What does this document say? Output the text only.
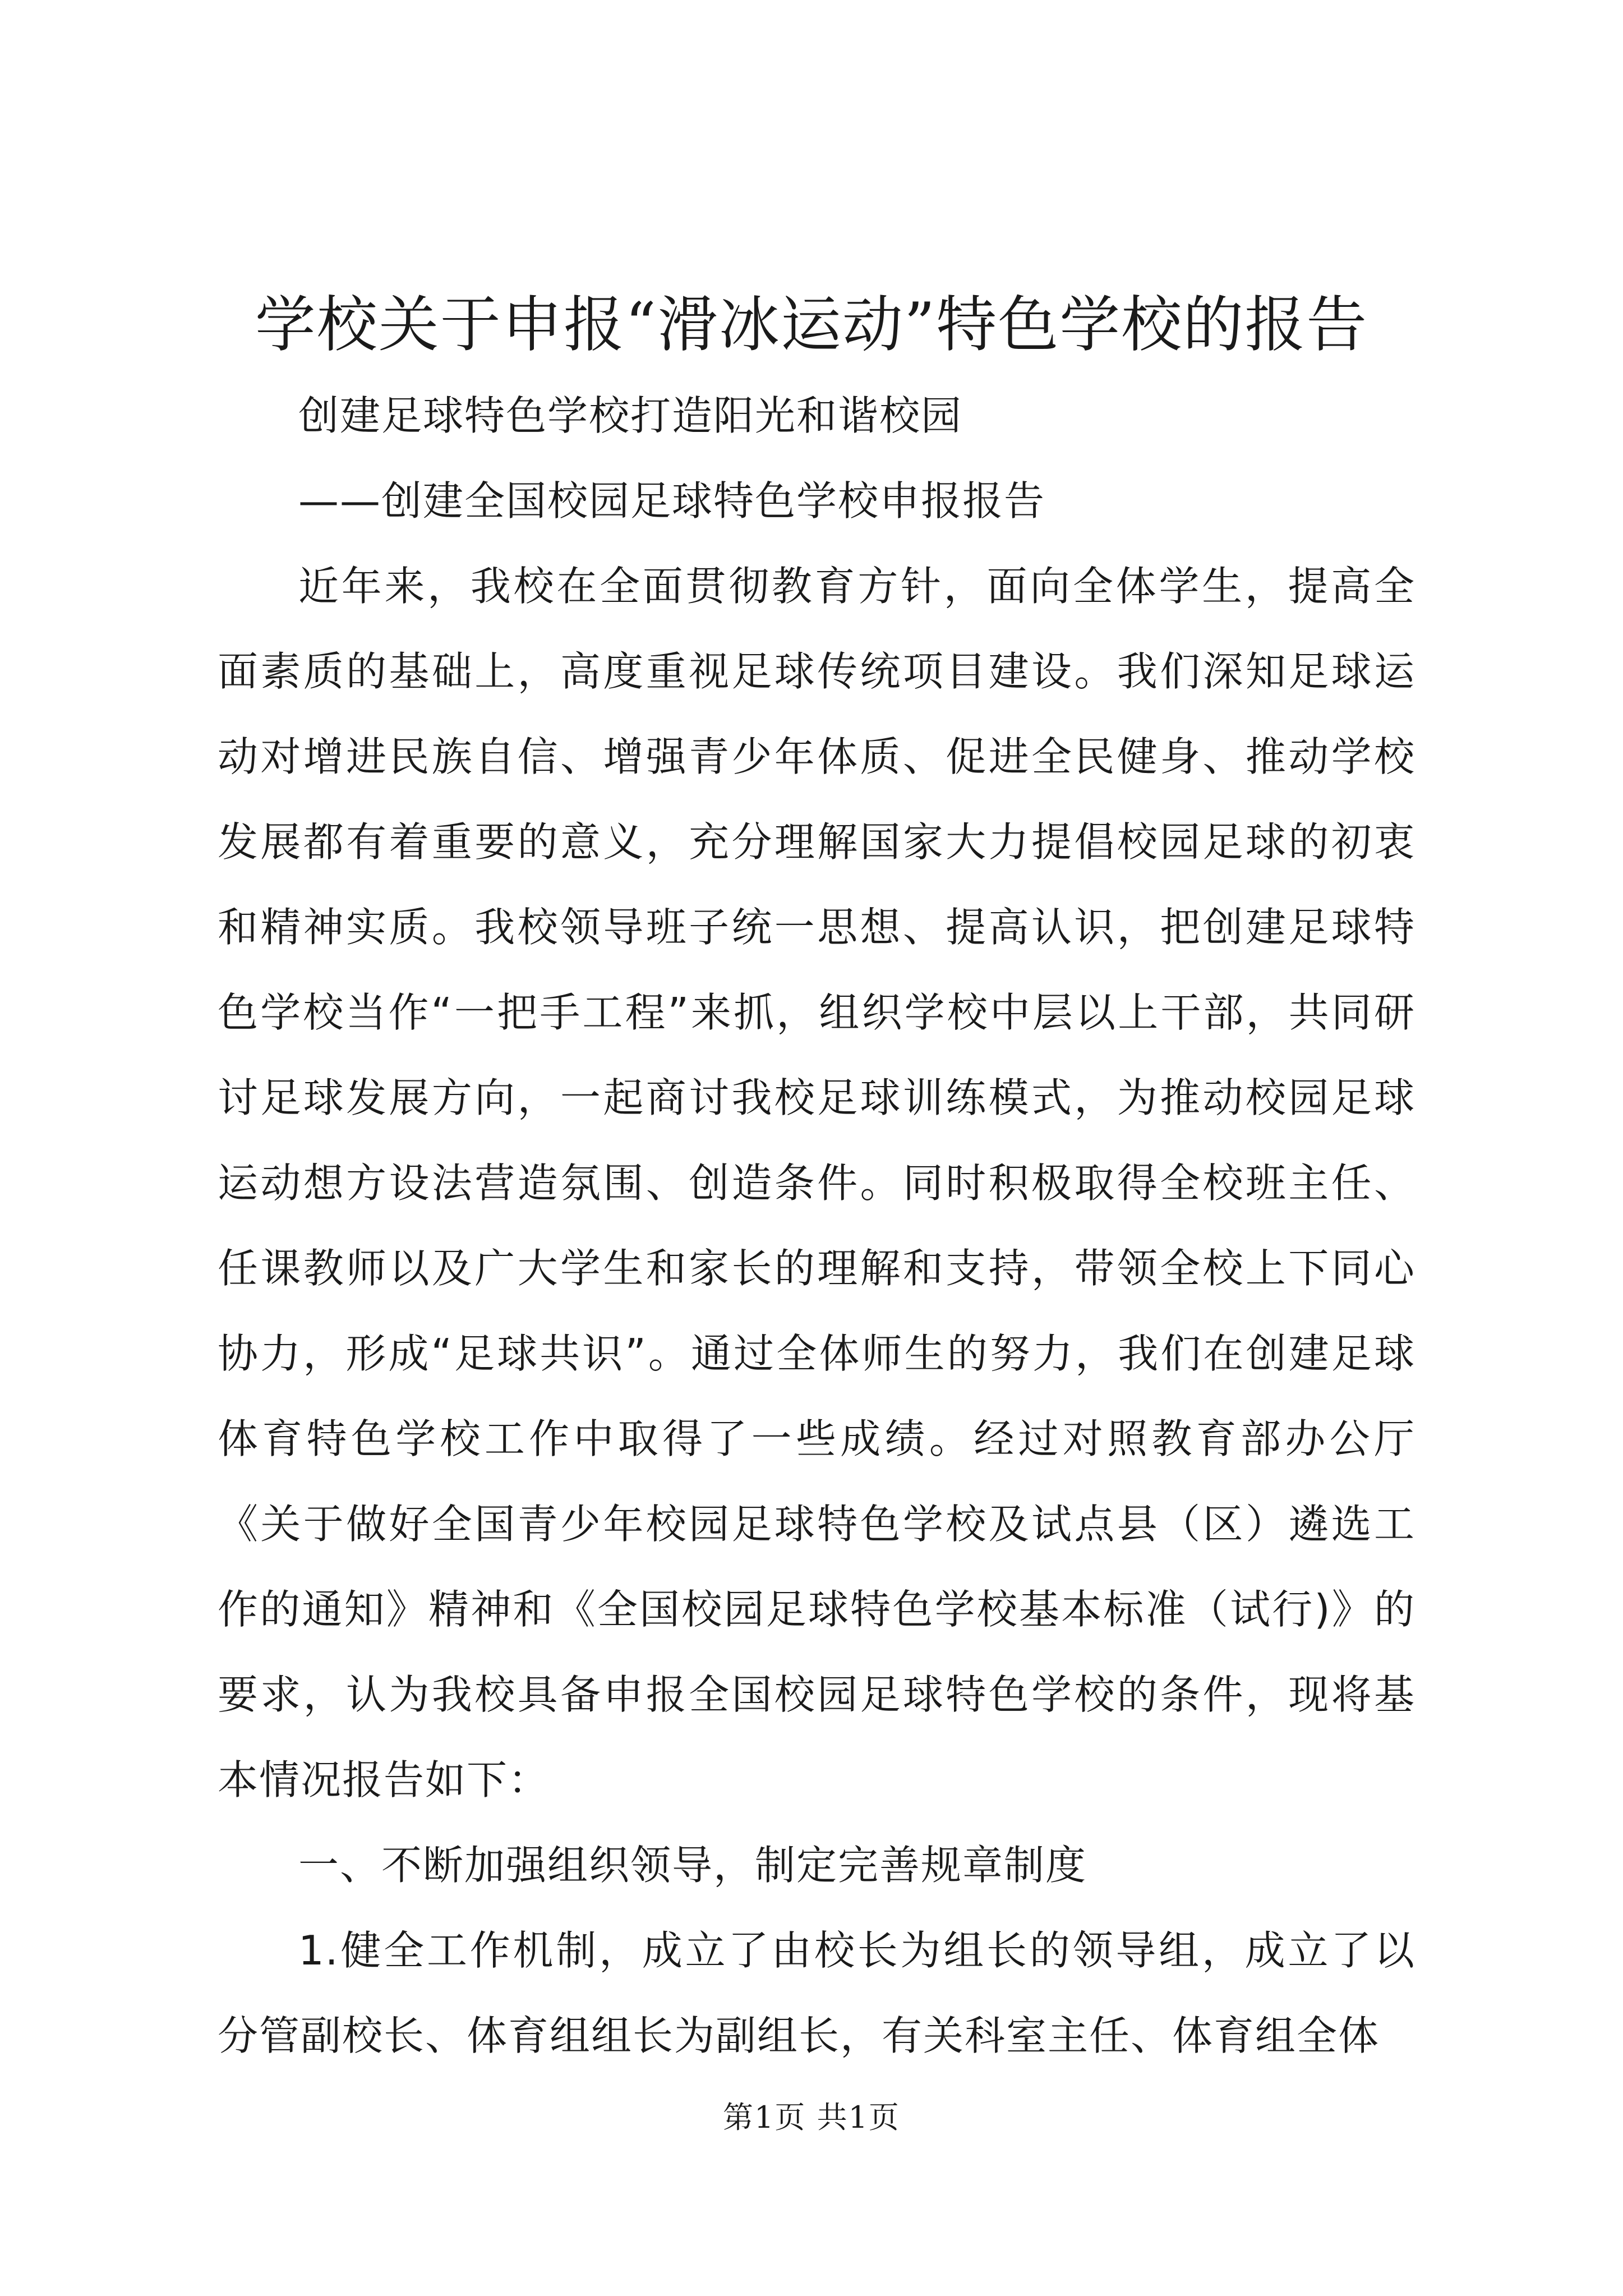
学校关于申报“滑冰运动”特色学校的报告

创建足球特色学校打造阳光和谐校园

——创建全国校园足球特色学校申报报告

近年来，我校在全面贯彻教育方针，面向全体学生，提高全面素质的基础上，高度重视足球传统项目建设。我们深知足球运动对增进民族自信、增强青少年体质、促进全民健身、推动学校发展都有着重要的意义，充分理解国家大力提倡校园足球的初衷和精神实质。我校领导班子统一思想、提高认识，把创建足球特色学校当作“一把手工程”来抓，组织学校中层以上干部，共同研讨足球发展方向，一起商讨我校足球训练模式，为推动校园足球运动想方设法营造氛围、创造条件。同时积极取得全校班主任、任课教师以及广大学生和家长的理解和支持，带领全校上下同心协力，形成“足球共识”。通过全体师生的努力，我们在创建足球体育特色学校工作中取得了一些成绩。经过对照教育部办公厅《关于做好全国青少年校园足球特色学校及试点县（区）遴选工作的通知》精神和《全国校园足球特色学校基本标准（试行)》的要求，认为我校具备申报全国校园足球特色学校的条件，现将基本情况报告如下：

一、不断加强组织领导，制定完善规章制度

1.健全工作机制，成立了由校长为组长的领导组，成立了以分管副校长、体育组组长为副组长，有关科室主任、体育组全体

第1页 共1页
